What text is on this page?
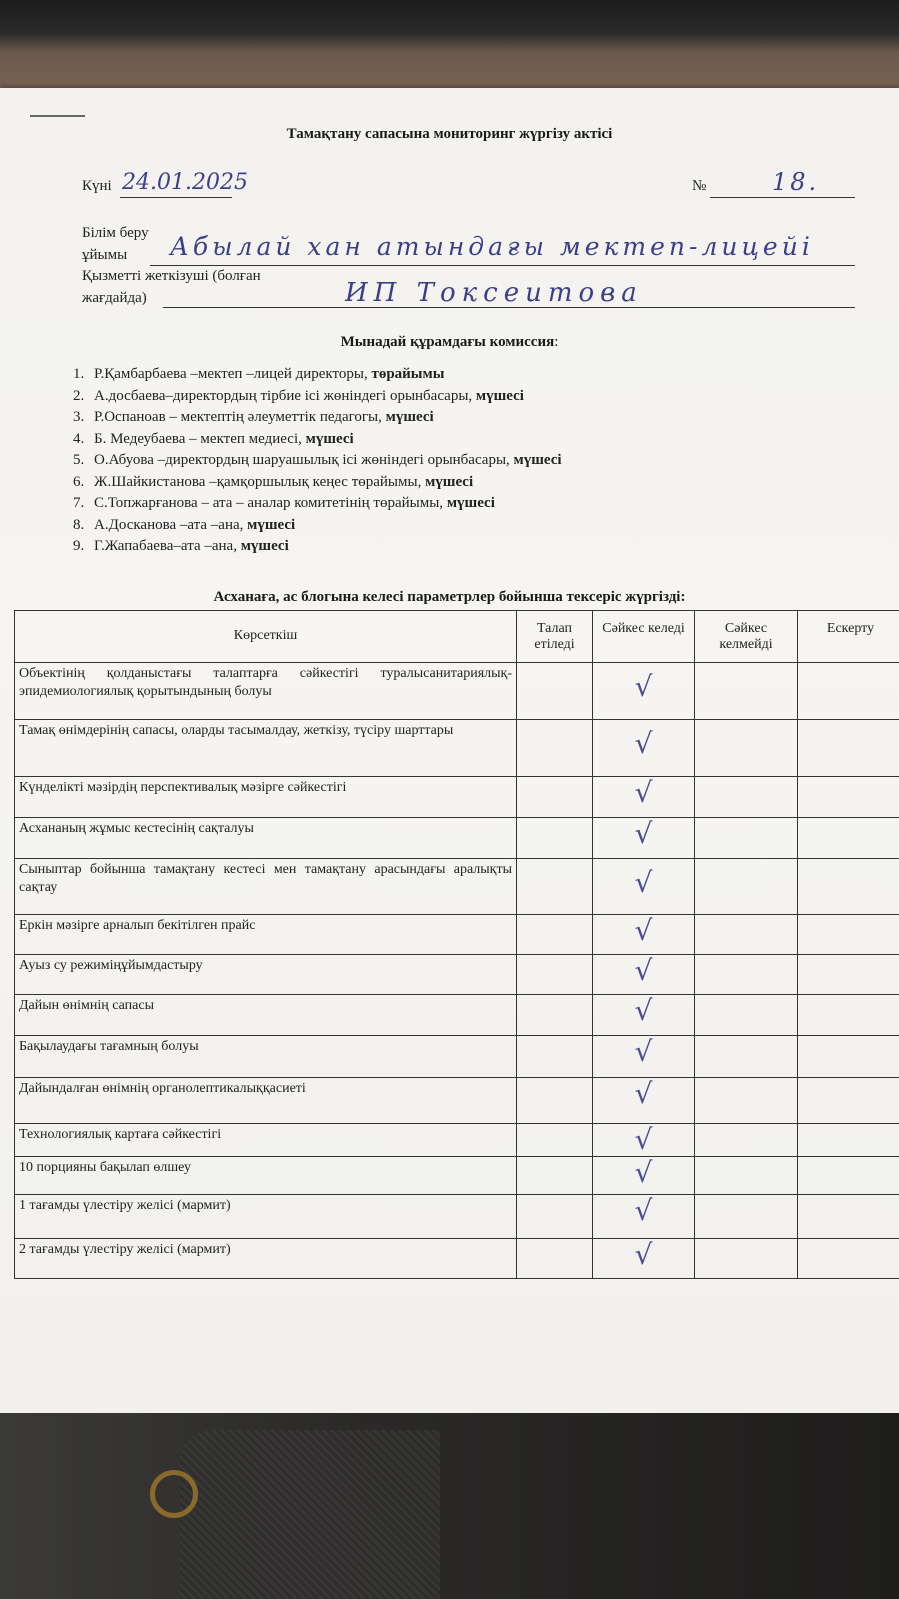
Тамақтану сапасына мониторинг жүргізу актісі
Күні 24.01.2025	№	18.
Білім беру
ұйымы Абылай хан атындағы мектеп-лицейі
Қызметті жеткізуші (болған
жағдайда)	ИП Токсеитова
Мынадай құрамдағы комиссия:
1. Р.Қамбарбаева –мектеп –лицей директоры, төрайымы
2. А.досбаева–директордың тірбие ісі жөніндегі орынбасары, мүшесі
3. Р.Оспаноав – мектептің әлеуметтік педагогы, мүшесі
4. Б. Медеубаева – мектеп медиесі, мүшесі
5. О.Абуова –директордың шаруашылық ісі жөніндегі орынбасары, мүшесі
6. Ж.Шайкистанова –қамқоршылық кеңес төрайымы, мүшесі
7. С.Топжарғанова – ата – аналар комитетінің төрайымы, мүшесі
8. А.Досканова –ата –ана, мүшесі
9. Г.Жапабаева–ата –ана, мүшесі
Асханаға, ас блогына келесі параметрлер бойынша тексеріс жүргізді:
Көрсеткіш	Талап етіледі	Сәйкес келеді	Сәйкес келмейді	Ескерту
Объектінің қолданыстағы талаптарға сәйкестігі туралысанитариялық-эпидемиологиялық қорытындының болуы		√		

Тамақ өнімдерінің сапасы, оларды тасымалдау, жеткізу, түсіру шарттары		√		

Күнделікті мәзірдің перспективалық мәзірге сәйкестігі		√		

Асхананың жұмыс кестесінің сақталуы		√		

Сыныптар бойынша тамақтану кестесі мен тамақтану арасындағы аралықты сақтау		√		

Еркін мәзірге арналып бекітілген прайс		√		

Ауыз су режиміңұйымдастыру		√		

Дайын өнімнің сапасы		√		

Бақылаудағы тағамның болуы		√		

Дайындалған өнімнің органолептикалыққасиеті		√		

Технологиялық картаға сәйкестігі		√		

10 порцияны бақылап өлшеу		√		

1 тағамды үлестіру желісі (мармит)		√		

2 тағамды үлестіру желісі (мармит)		√		
